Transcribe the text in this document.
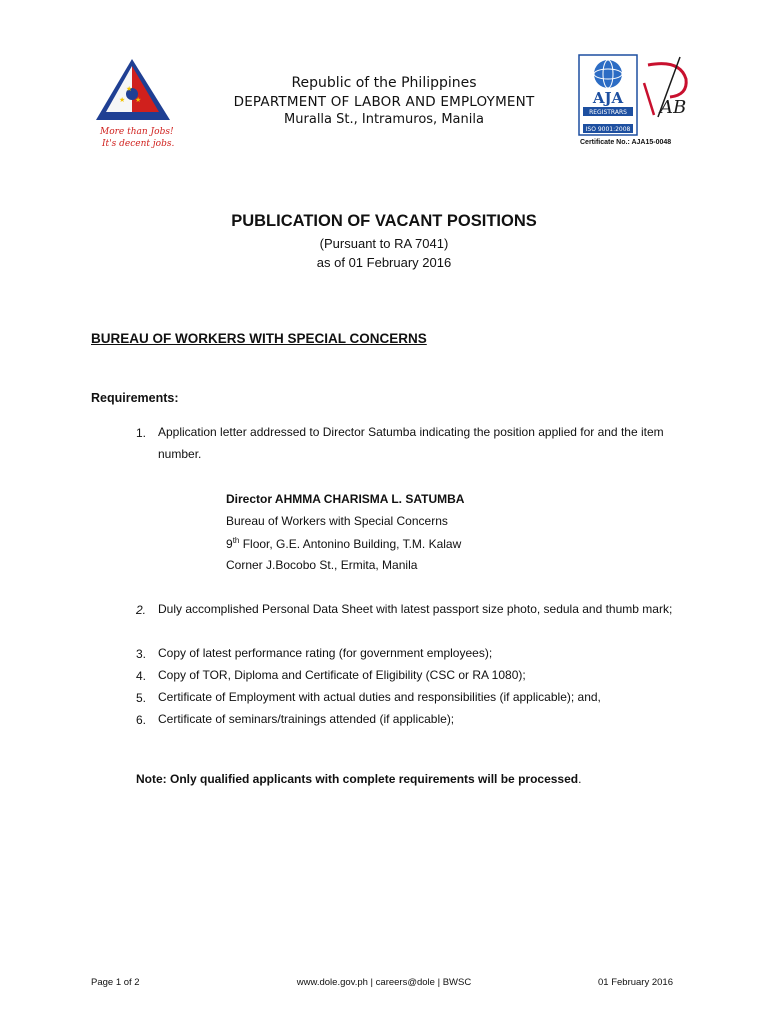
★
★
★
More than Jobs!
It's decent jobs.
Republic of the Philippines
DEPARTMENT OF LABOR AND EMPLOYMENT
Muralla St., Intramuros, Manila
AJA
REGISTRARS
ISO 9001:2008
AB
Certificate No.: AJA15-0048
PUBLICATION OF VACANT POSITIONS
(Pursuant to RA 7041)
as of 01 February 2016
BUREAU OF WORKERS WITH SPECIAL CONCERNS
Requirements:
1. Application letter addressed to Director Satumba indicating the position applied for and the item number.
Director AHMMA CHARISMA L. SATUMBA
Bureau of Workers with Special Concerns
9th Floor, G.E. Antonino Building, T.M. Kalaw
Corner J.Bocobo St., Ermita, Manila
2. Duly accomplished Personal Data Sheet with latest passport size photo, sedula and thumb mark;
3. Copy of latest performance rating (for government employees);
4. Copy of TOR, Diploma and Certificate of Eligibility (CSC or RA 1080);
5. Certificate of Employment with actual duties and responsibilities (if applicable); and,
6. Certificate of seminars/trainings attended (if applicable);
Note: Only qualified applicants with complete requirements will be processed.
Page 1 of 2	www.dole.gov.ph | careers@dole | BWSC	01 February 2016
